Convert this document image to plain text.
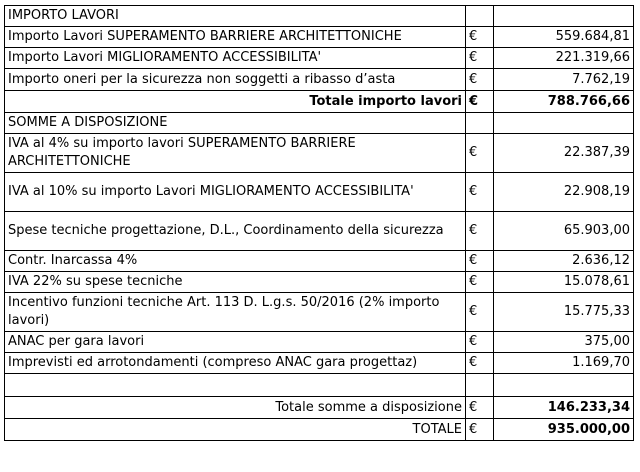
IMPORTO LAVORI		
Importo Lavori SUPERAMENTO BARRIERE ARCHITETTONICHE	€	559.684,81
Importo Lavori MIGLIORAMENTO ACCESSIBILITA'	€	221.319,66
Importo oneri per la sicurezza non soggetti a ribasso d’asta	€	7.762,19
Totale importo lavori	€	788.766,66
SOMME A DISPOSIZIONE		
IVA al 4% su importo lavori SUPERAMENTO BARRIERE ARCHITETTONICHE	€	22.387,39
IVA al 10% su importo Lavori MIGLIORAMENTO ACCESSIBILITA'	€	22.908,19
Spese tecniche progettazione, D.L., Coordinamento della sicurezza	€	65.903,00
Contr. Inarcassa 4%	€	2.636,12
IVA 22% su spese tecniche	€	15.078,61
Incentivo funzioni tecniche Art. 113 D. L.g.s. 50/2016 (2% importo lavori)	€	15.775,33
ANAC per gara lavori	€	375,00
Imprevisti ed arrotondamenti (compreso ANAC gara progettaz)	€	1.169,70

Totale somme a disposizione	€	146.233,34
TOTALE	€	935.000,00
